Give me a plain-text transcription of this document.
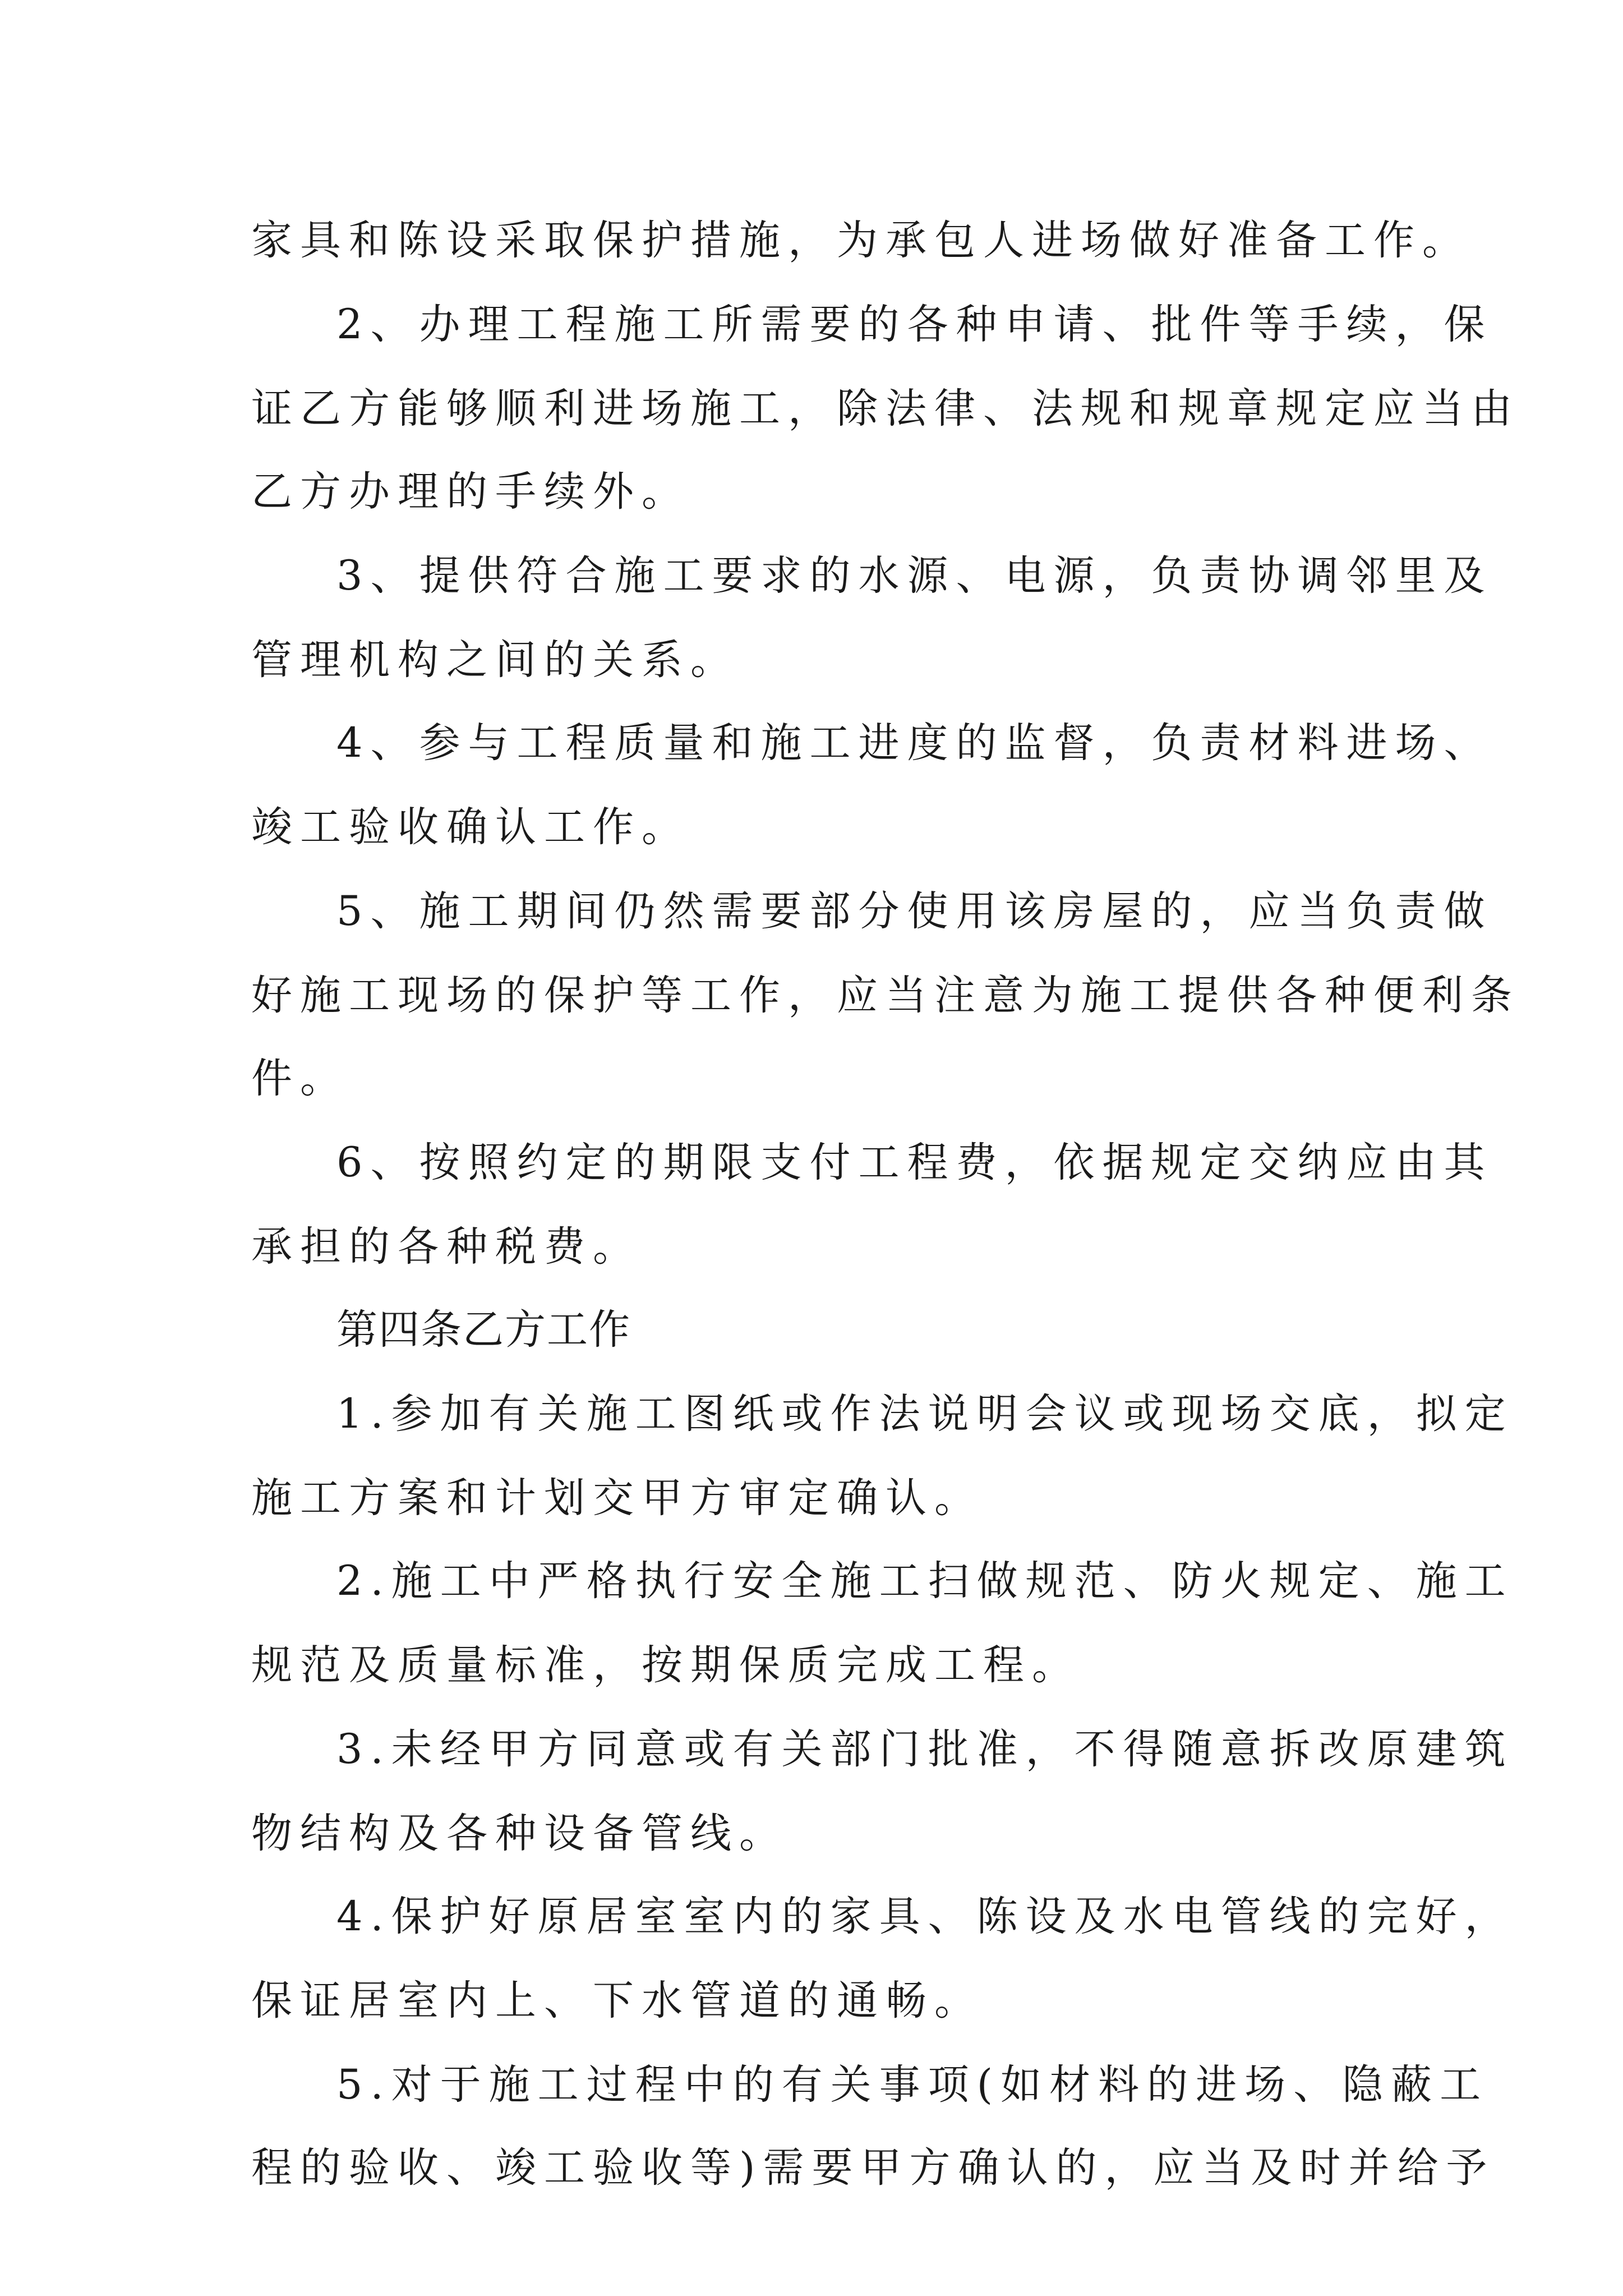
家具和陈设采取保护措施，为承包人进场做好准备工作。
2、办理工程施工所需要的各种申请、批件等手续，保
证乙方能够顺利进场施工，除法律、法规和规章规定应当由
乙方办理的手续外。
3、提供符合施工要求的水源、电源，负责协调邻里及
管理机构之间的关系。
4、参与工程质量和施工进度的监督，负责材料进场、
竣工验收确认工作。
5、施工期间仍然需要部分使用该房屋的，应当负责做
好施工现场的保护等工作，应当注意为施工提供各种便利条
件。
6、按照约定的期限支付工程费，依据规定交纳应由其
承担的各种税费。
第四条乙方工作
1.参加有关施工图纸或作法说明会议或现场交底，拟定
施工方案和计划交甲方审定确认。
2.施工中严格执行安全施工扫做规范、防火规定、施工
规范及质量标准，按期保质完成工程。
3.未经甲方同意或有关部门批准，不得随意拆改原建筑
物结构及各种设备管线。
4.保护好原居室室内的家具、陈设及水电管线的完好，
保证居室内上、下水管道的通畅。
5.对于施工过程中的有关事项(如材料的进场、隐蔽工
程的验收、竣工验收等)需要甲方确认的，应当及时并给予
